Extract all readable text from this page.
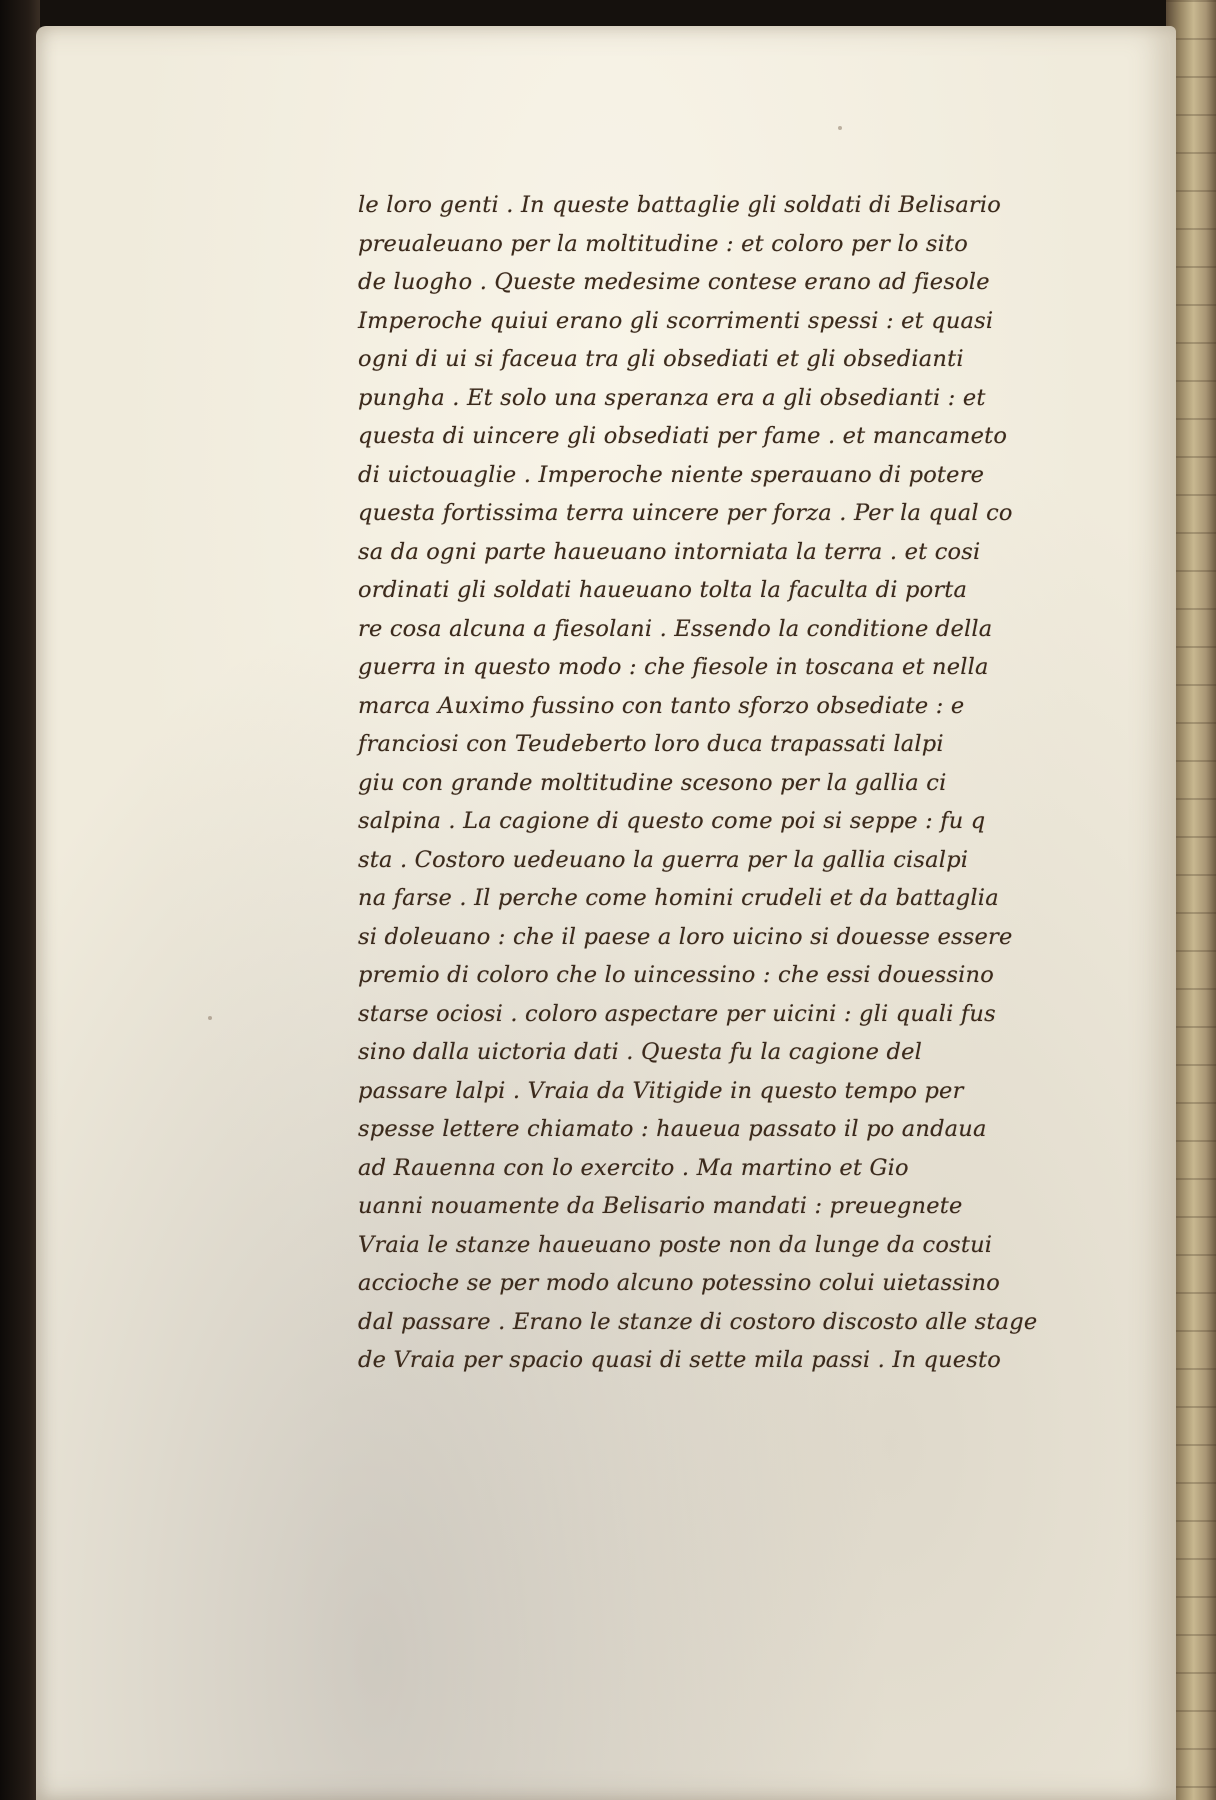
le loro genti . In queste battaglie gli soldati di Belisario
preualeuano per la moltitudine : et coloro per lo sito
de luogho . Queste medesime contese erano ad fiesole
Imperoche quiui erano gli scorrimenti spessi : et quasi
ogni di ui si faceua tra gli obsediati et gli obsedianti
pungha . Et solo una speranza era a gli obsedianti : et
questa di uincere gli obsediati per fame . et mancameto
di uictouaglie . Imperoche niente sperauano di potere
questa fortissima terra uincere per forza . Per la qual co
sa da ogni parte haueuano intorniata la terra . et cosi
ordinati gli soldati haueuano tolta la faculta di porta
re cosa alcuna a fiesolani . Essendo la conditione della
guerra in questo modo : che fiesole in toscana et nella
marca Auximo fussino con tanto sforzo obsediate : e
franciosi con Teudeberto loro duca trapassati lalpi
giu con grande moltitudine scesono per la gallia ci
salpina . La cagione di questo come poi si seppe : fu q
sta . Costoro uedeuano la guerra per la gallia cisalpi
na farse . Il perche come homini crudeli et da battaglia
si doleuano : che il paese a loro uicino si douesse essere
premio di coloro che lo uincessino : che essi douessino
starse ociosi . coloro aspectare per uicini : gli quali fus
sino dalla uictoria dati . Questa fu la cagione del
passare lalpi . Vraia da Vitigide in questo tempo per
spesse lettere chiamato : haueua passato il po andaua
ad Rauenna con lo exercito . Ma martino et Gio
uanni nouamente da Belisario mandati : preuegnete
Vraia le stanze haueuano poste non da lunge da costui
accioche se per modo alcuno potessino colui uietassino
dal passare . Erano le stanze di costoro discosto alle stage
de Vraia per spacio quasi di sette mila passi . In questo
